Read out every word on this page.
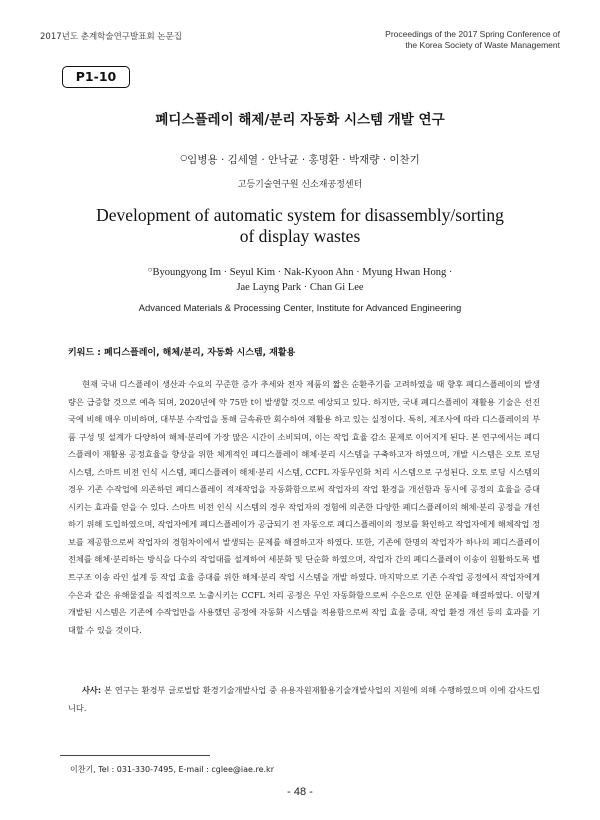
2017년도 춘계학술연구발표회 논문집	Proceedings of the 2017 Spring Conference of
the Korea Society of Waste Management
P1-10
폐디스플레이 해제/분리 자동화 시스템 개발 연구
○임병용 · 김세열 · 안낙균 · 홍명환 · 박재량 · 이찬기
고등기술연구원 신소재공정센터
Development of automatic system for disassembly/sorting
of display wastes
○Byoungyong Im · Seyul Kim · Nak-Kyoon Ahn · Myung Hwan Hong ·
Jae Layng Park · Chan Gi Lee
Advanced Materials & Processing Center, Institute for Advanced Engineering
키워드 : 폐디스플레이, 해체/분리, 자동화 시스템, 재활용

현재 국내 디스플레이 생산과 수요의 꾸준한 증가 추세와 전자 제품의 짧은 순환주기를 고려하였을 때 향후 폐디스플레이의 발생량은 급증할 것으로 예측 되며, 2020년에 약 75만 t이 발생할 것으로 예상되고 있다. 하지만, 국내 폐디스플레이 재활용 기술은 선진국에 비해 매우 미비하며, 대부분 수작업을 통해 금속류만 회수하여 재활용 하고 있는 실정이다. 특히, 제조사에 따라 디스플레이의 부품 구성 및 설계가 다양하여 해체·분리에 가장 많은 시간이 소비되며, 이는 작업 효율 감소 문제로 이어지게 된다. 본 연구에서는 폐디스플레이 재활용 공정효율을 향상을 위한 체계적인 폐디스플레이 해체·분리 시스템을 구축하고자 하였으며, 개발 시스템은 오토 로딩 시스템, 스마트 비전 인식 시스템, 폐디스플레이 해체·분리 시스템, CCFL 자동무인화 처리 시스템으로 구성된다. 오토 로딩 시스템의 경우 기존 수작업에 의존하던 폐디스플레이 적재작업을 자동화함으로써 작업자의 작업 환경을 개선함과 동시에 공정의 효율을 증대 시키는 효과를 얻을 수 있다. 스마트 비전 인식 시스템의 경우 작업자의 경험에 의존한 다양한 폐디스플레이의 해체·분리 공정을 개선하기 위해 도입하였으며, 작업자에게 폐디스플레이가 공급되기 전 자동으로 폐디스플레이의 정보를 확인하고 작업자에게 해체작업 정보를 제공함으로써 작업자의 경험차이에서 발생되는 문제를 해결하고자 하였다. 또한, 기존에 한명의 작업자가 하나의 폐디스플레이 전체를 해체·분리하는 방식을 다수의 작업대를 설계하여 세분화 및 단순화 하였으며, 작업자 간의 폐디스플레이 이송이 원활하도록 벨트구조 이송 라인 설계 등 작업 효율 증대를 위한 해체·분리 작업 시스템을 개발 하였다. 마지막으로 기존 수작업 공정에서 작업자에게 수은과 같은 유해물질을 직접적으로 노출시키는 CCFL 처리 공정은 무인 자동화함으로써 수은으로 인한 문제를 해결하였다. 이렇게 개발된 시스템은 기존에 수작업만을 사용했던 공정에 자동화 시스템을 적용함으로써 작업 효율 증대, 작업 환경 개선 등의 효과를 기대할 수 있을 것이다.

사사: 본 연구는 환경부 글로벌탑 환경기술개발사업 중 유용자원재활용기술개발사업의 지원에 의해 수행하였으며 이에 감사드립니다.

이찬기, Tel : 031-330-7495, E-mail : cglee@iae.re.kr
- 48 -
